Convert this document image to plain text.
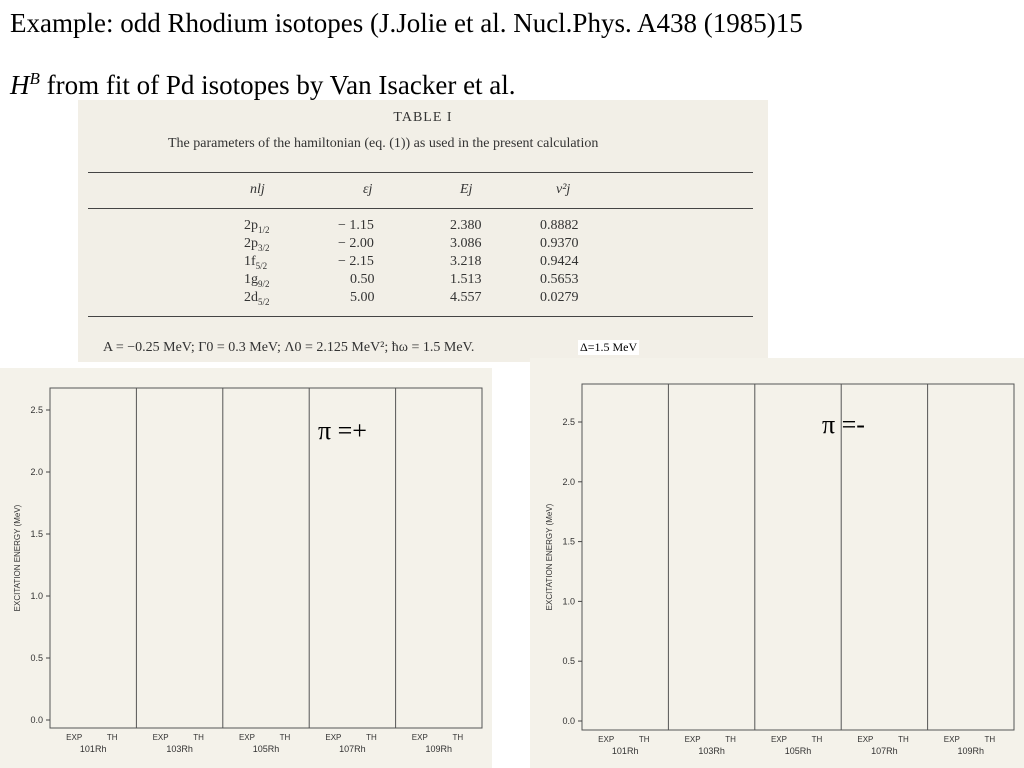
Example: odd Rhodium isotopes (J.Jolie et al. Nucl.Phys. A438 (1985)15
$H^B$ from fit of Pd isotopes by Van Isacker et al.
TABLE I
The parameters of the hamiltonian (eq. (1)) as used in the present calculation
nlj	εj	Ej	v²j
$2p_{1/2}$	− 1.15	2.380	0.8882
$2p_{3/2}$	− 2.00	3.086	0.9370
$1f_{5/2}$	− 2.15	3.218	0.9424
$1g_{9/2}$	0.50	1.513	0.5653
$2d_{5/2}$	5.00	4.557	0.0279
A = −0.25 MeV; Γ0 = 0.3 MeV; Λ0 = 2.125 MeV²; ħω = 1.5 MeV.	Δ=1.5 MeV
0.0
0.5
1.0
1.5
2.0
2.5
EXCITATION ENERGY (MeV)
EXP	TH
101Rh
EXP	TH
103Rh
EXP	TH
105Rh
EXP	TH
107Rh
EXP	TH
109Rh
π =+
0.0
0.5
1.0
1.5
2.0
2.5
EXCITATION ENERGY (MeV)
EXP	TH
101Rh
EXP	TH
103Rh
EXP	TH
105Rh
EXP	TH
107Rh
EXP	TH
109Rh
π =-
